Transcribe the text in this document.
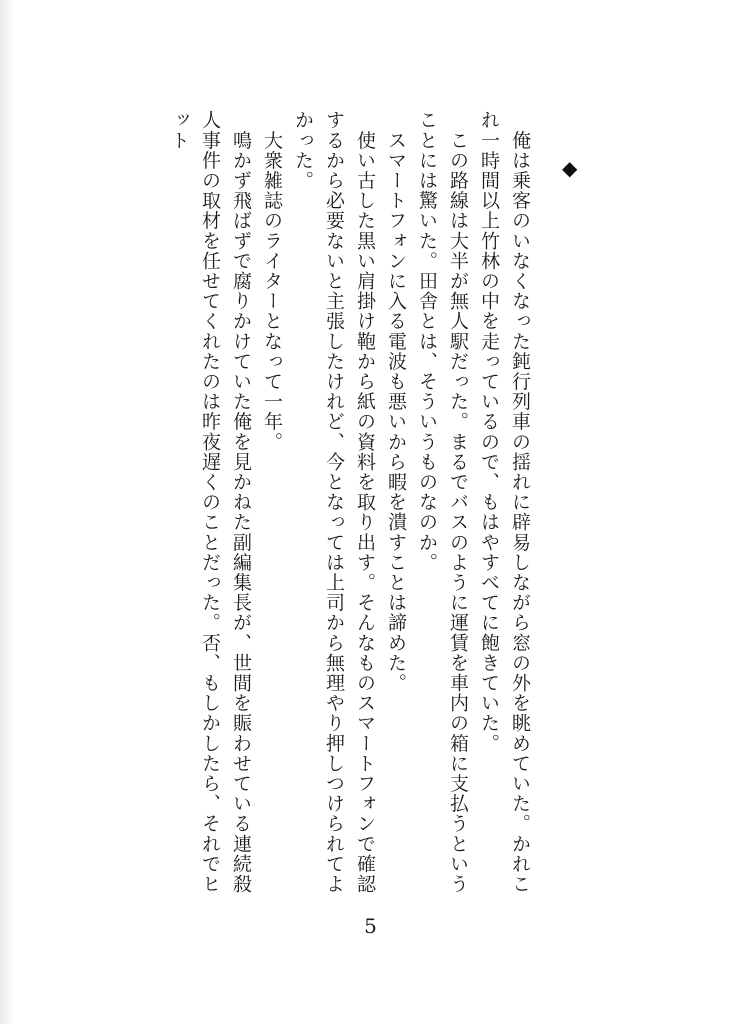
◆

　俺は乗客のいなくなった鈍行列車の揺れに辟易しながら窓の外を眺めていた。かれこれ一時間以上竹林の中を走っているので、もはやすべてに飽きていた。

　この路線は大半が無人駅だった。まるでバスのように運賃を車内の箱に支払うということには驚いた。田舎とは、そういうものなのか。

　スマートフォンに入る電波も悪いから暇を潰すことは諦めた。

　使い古した黒い肩掛け鞄から紙の資料を取り出す。そんなものスマートフォンで確認するから必要ないと主張したけれど、今となっては上司から無理やり押しつけられてよかった。

　大衆雑誌のライターとなって一年。

　鳴かず飛ばずで腐りかけていた俺を見かねた副編集長が、世間を賑わせている連続殺人事件の取材を任せてくれたのは昨夜遅くのことだった。否、もしかしたら、それでヒット

5
